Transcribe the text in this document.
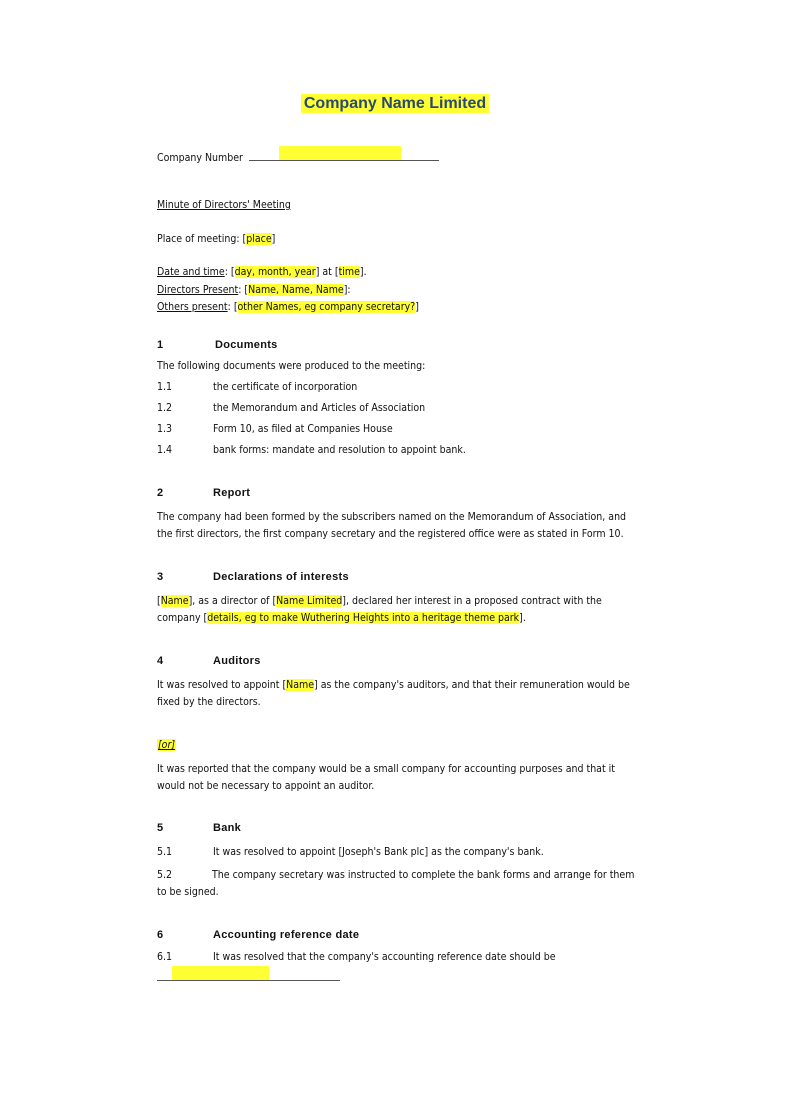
Company Name Limited
Company Number
Minute of Directors' Meeting
Place of meeting: [place]
Date and time: [day, month, year] at [time].
Directors Present: [Name, Name, Name]:
Others present: [other Names, eg company secretary?]
1	Documents
The following documents were produced to the meeting:
1.1	the certificate of incorporation
1.2	the Memorandum and Articles of Association
1.3	Form 10, as filed at Companies House
1.4	bank forms: mandate and resolution to appoint bank.
2	Report
The company had been formed by the subscribers named on the Memorandum of Association, and the first directors, the first company secretary and the registered office were as stated in Form 10.
3	Declarations of interests
[Name], as a director of [Name Limited], declared her interest in a proposed contract with the company [details, eg to make Wuthering Heights into a heritage theme park].
4	Auditors
It was resolved to appoint [Name] as the company's auditors, and that their remuneration would be fixed by the directors.
[or]
It was reported that the company would be a small company for accounting purposes and that it would not be necessary to appoint an auditor.
5	Bank
5.1	It was resolved to appoint [Joseph's Bank plc] as the company's bank.
5.2	The company secretary was instructed to complete the bank forms and arrange for them to be signed.
6	Accounting reference date
6.1	It was resolved that the company's accounting reference date should be
